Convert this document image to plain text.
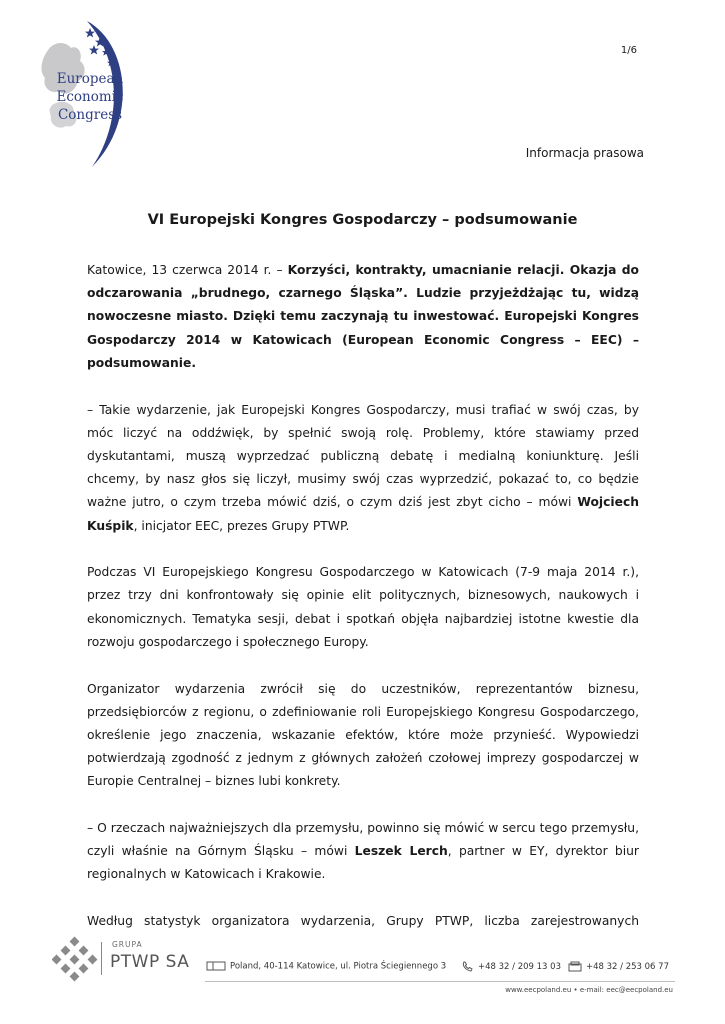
1/6
European
Economic
Congress
Informacja prasowa
VI Europejski Kongres Gospodarczy – podsumowanie

Katowice, 13 czerwca 2014 r. – Korzyści, kontrakty, umacnianie relacji. Okazja do odczarowania „brudnego, czarnego Śląska”. Ludzie przyjeżdżając tu, widzą nowoczesne miasto. Dzięki temu zaczynają tu inwestować. Europejski Kongres Gospodarczy 2014 w Katowicach (European Economic Congress – EEC) – podsumowanie.

– Takie wydarzenie, jak Europejski Kongres Gospodarczy, musi trafiać w swój czas, by móc liczyć na oddźwięk, by spełnić swoją rolę. Problemy, które stawiamy przed dyskutantami, muszą wyprzedzać publiczną debatę i medialną koniunkturę. Jeśli chcemy, by nasz głos się liczył, musimy swój czas wyprzedzić, pokazać to, co będzie ważne jutro, o czym trzeba mówić dziś, o czym dziś jest zbyt cicho – mówi Wojciech Kuśpik, inicjator EEC, prezes Grupy PTWP.

Podczas VI Europejskiego Kongresu Gospodarczego w Katowicach (7-9 maja 2014 r.), przez trzy dni konfrontowały się opinie elit politycznych, biznesowych, naukowych i ekonomicznych. Tematyka sesji, debat i spotkań objęła najbardziej istotne kwestie dla rozwoju gospodarczego i społecznego Europy.

Organizator wydarzenia zwrócił się do uczestników, reprezentantów biznesu, przedsiębiorców z regionu, o zdefiniowanie roli Europejskiego Kongresu Gospodarczego, określenie jego znaczenia, wskazanie efektów, które może przynieść. Wypowiedzi potwierdzają zgodność z jednym z głównych założeń czołowej imprezy gospodarczej w Europie Centralnej – biznes lubi konkrety.

– O rzeczach najważniejszych dla przemysłu, powinno się mówić w sercu tego przemysłu, czyli właśnie na Górnym Śląsku – mówi Leszek Lerch, partner w EY, dyrektor biur regionalnych w Katowicach i Krakowie.

Według statystyk organizatora wydarzenia, Grupy PTWP, liczba zarejestrowanych

GRUPA
PTWP SA	Poland, 40-114 Katowice, ul. Piotra Ściegiennego 3	+48 32 / 209 13 03	+48 32 / 253 06 77
www.eecpoland.eu • e-mail: eec@eecpoland.eu
